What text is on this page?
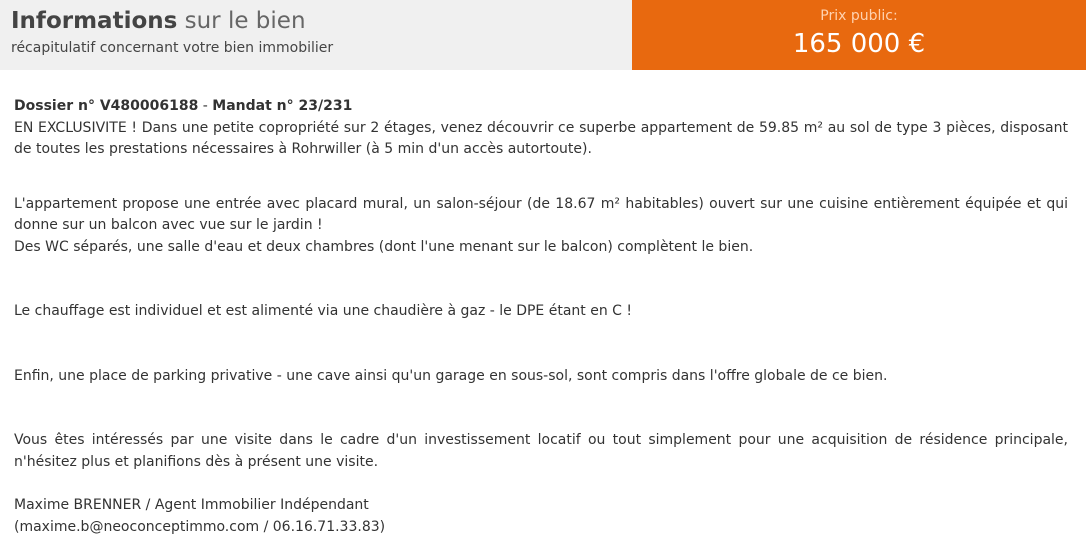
Informations sur le bien
récapitulatif concernant votre bien immobilier
Prix public:
165 000 €

Dossier n° V480006188 - Mandat n° 23/231

EN EXCLUSIVITE ! Dans une petite copropriété sur 2 étages, venez découvrir ce superbe appartement de 59.85 m² au sol de type 3 pièces, disposant de toutes les prestations nécessaires à Rohrwiller (à 5 min d'un accès autortoute).

L'appartement propose une entrée avec placard mural, un salon-séjour (de 18.67 m² habitables) ouvert sur une cuisine entièrement équipée et qui donne sur un balcon avec vue sur le jardin !

Des WC séparés, une salle d'eau et deux chambres (dont l'une menant sur le balcon) complètent le bien.

Le chauffage est individuel et est alimenté via une chaudière à gaz - le DPE étant en C !

Enfin, une place de parking privative - une cave ainsi qu'un garage en sous-sol, sont compris dans l'offre globale de ce bien.

Vous êtes intéressés par une visite dans le cadre d'un investissement locatif ou tout simplement pour une acquisition de résidence principale, n'hésitez plus et planifions dès à présent une visite.

Maxime BRENNER / Agent Immobilier Indépendant
(maxime.b@neoconceptimmo.com / 06.16.71.33.83)
